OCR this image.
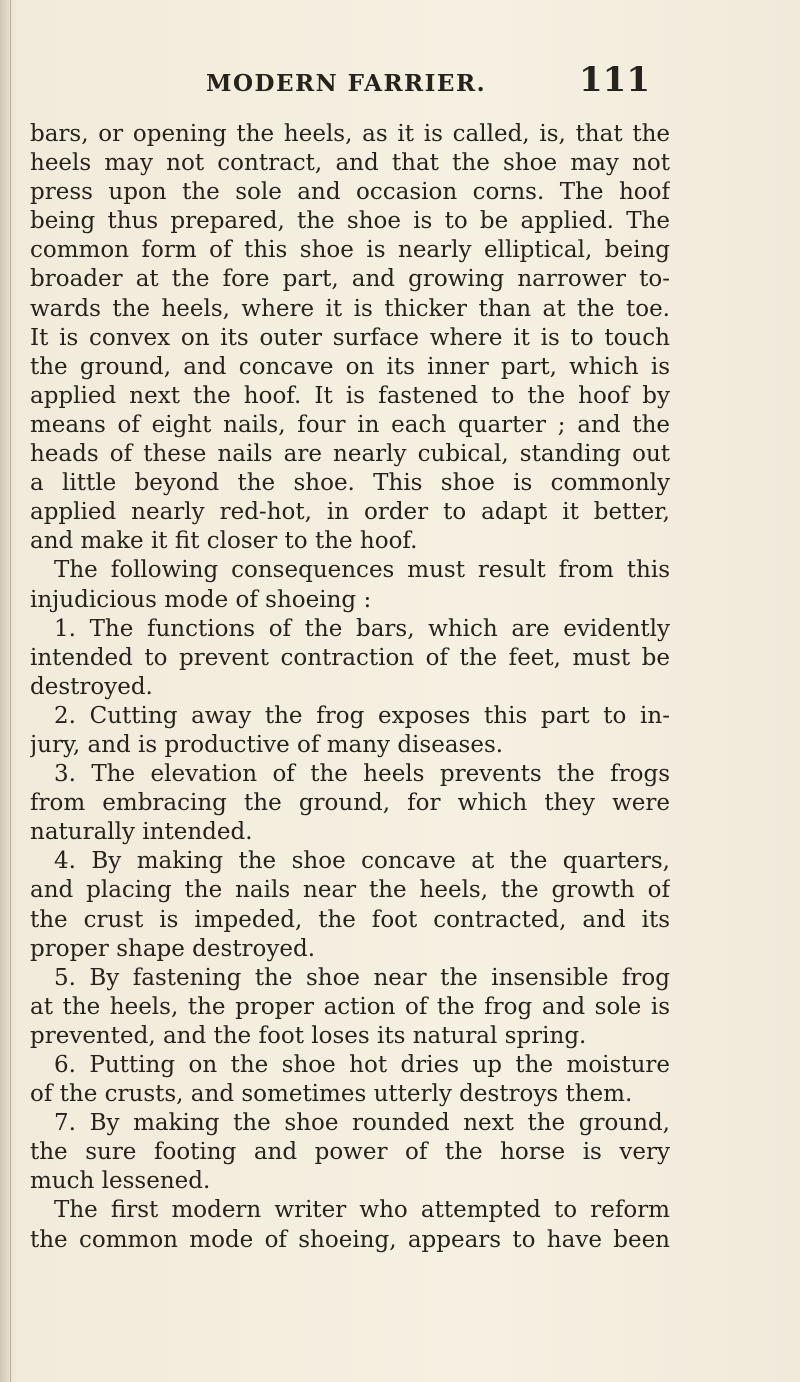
MODERN FARRIER.	111
bars, or opening the heels, as it is called, is, that the
heels may not contract, and that the shoe may not
press upon the sole and occasion corns. The hoof
being thus prepared, the shoe is to be applied. The
common form of this shoe is nearly elliptical, being
broader at the fore part, and growing narrower to-
wards the heels, where it is thicker than at the toe.
It is convex on its outer surface where it is to touch
the ground, and concave on its inner part, which is
applied next the hoof. It is fastened to the hoof by
means of eight nails, four in each quarter ; and the
heads of these nails are nearly cubical, standing out
a little beyond the shoe. This shoe is commonly
applied nearly red-hot, in order to adapt it better,
and make it fit closer to the hoof.
The following consequences must result from this
injudicious mode of shoeing :
1. The functions of the bars, which are evidently
intended to prevent contraction of the feet, must be
destroyed.
2. Cutting away the frog exposes this part to in-
jury, and is productive of many diseases.
3. The elevation of the heels prevents the frogs
from embracing the ground, for which they were
naturally intended.
4. By making the shoe concave at the quarters,
and placing the nails near the heels, the growth of
the crust is impeded, the foot contracted, and its
proper shape destroyed.
5. By fastening the shoe near the insensible frog
at the heels, the proper action of the frog and sole is
prevented, and the foot loses its natural spring.
6. Putting on the shoe hot dries up the moisture
of the crusts, and sometimes utterly destroys them.
7. By making the shoe rounded next the ground,
the sure footing and power of the horse is very
much lessened.
The first modern writer who attempted to reform
the common mode of shoeing, appears to have been
